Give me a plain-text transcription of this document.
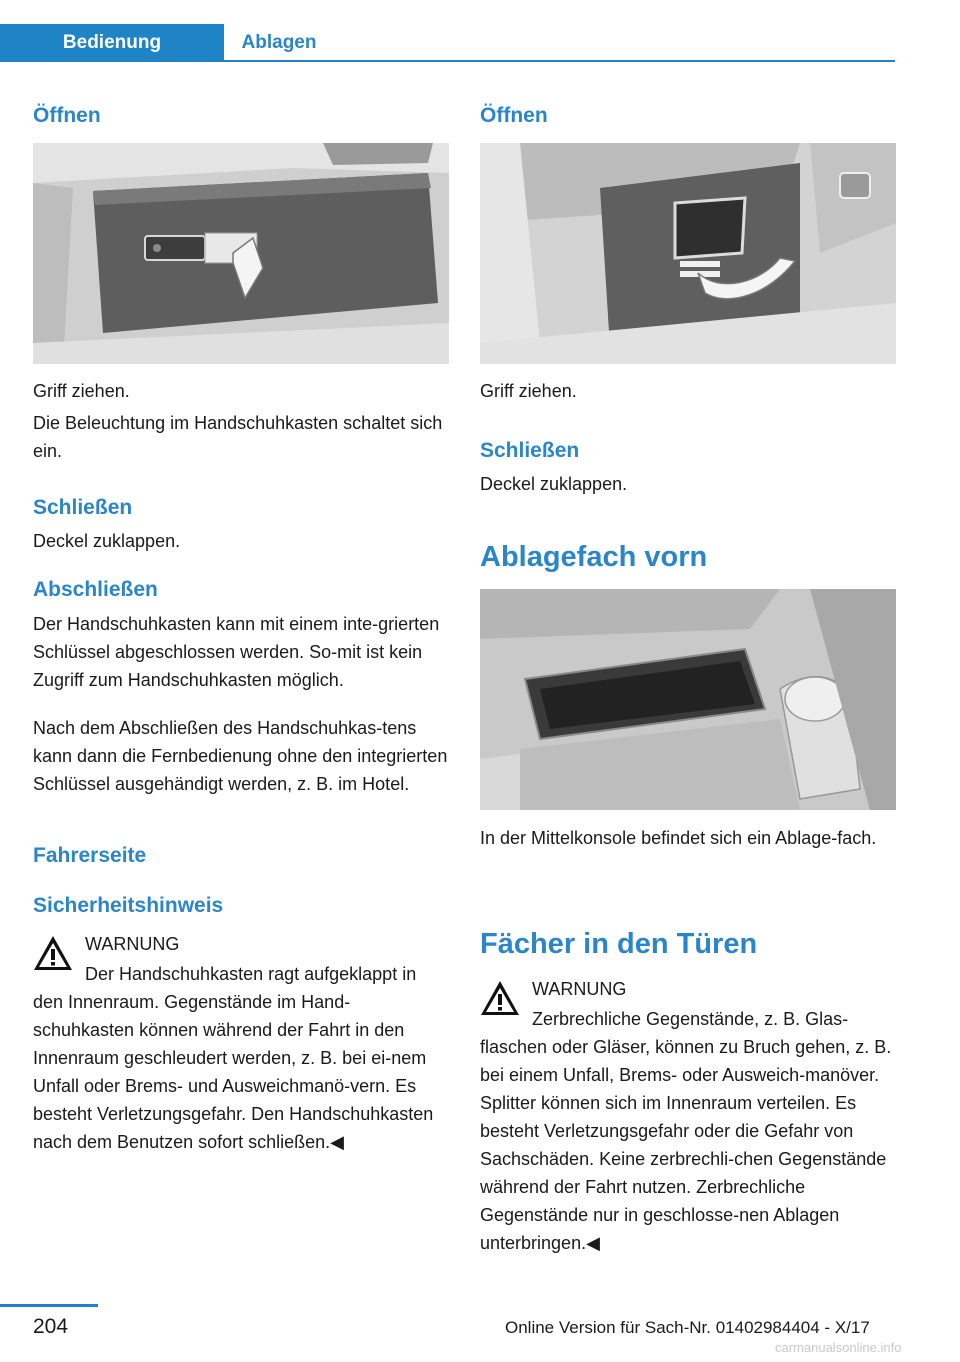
Bedienung	Ablagen
Öffnen

Griff ziehen.

Die Beleuchtung im Handschuhkasten schaltet sich ein.

Schließen

Deckel zuklappen.

Abschließen

Der Handschuhkasten kann mit einem inte‐grierten Schlüssel abgeschlossen werden. So‐mit ist kein Zugriff zum Handschuhkasten möglich.

Nach dem Abschließen des Handschuhkas‐tens kann dann die Fernbedienung ohne den integrierten Schlüssel ausgehändigt werden, z. B. im Hotel.

Fahrerseite
Sicherheitshinweis

WARNUNG

Der Handschuhkasten ragt aufgeklappt in den Innenraum. Gegenstände im Hand‐schuhkasten können während der Fahrt in den Innenraum geschleudert werden, z. B. bei ei‐nem Unfall oder Brems- und Ausweichmanö‐vern. Es besteht Verletzungsgefahr. Den Handschuhkasten nach dem Benutzen sofort schließen.◀

Öffnen

Griff ziehen.

Schließen

Deckel zuklappen.

Ablagefach vorn

In der Mittelkonsole befindet sich ein Ablage‐fach.

Fächer in den Türen

WARNUNG

Zerbrechliche Gegenstände, z. B. Glas‐flaschen oder Gläser, können zu Bruch gehen, z. B. bei einem Unfall, Brems- oder Ausweich‐manöver. Splitter können sich im Innenraum verteilen. Es besteht Verletzungsgefahr oder die Gefahr von Sachschäden. Keine zerbrechli‐chen Gegenstände während der Fahrt nutzen. Zerbrechliche Gegenstände nur in geschlosse‐nen Ablagen unterbringen.◀

204	Online Version für Sach-Nr. 01402984404 - X/17
carmanualsonline.info
